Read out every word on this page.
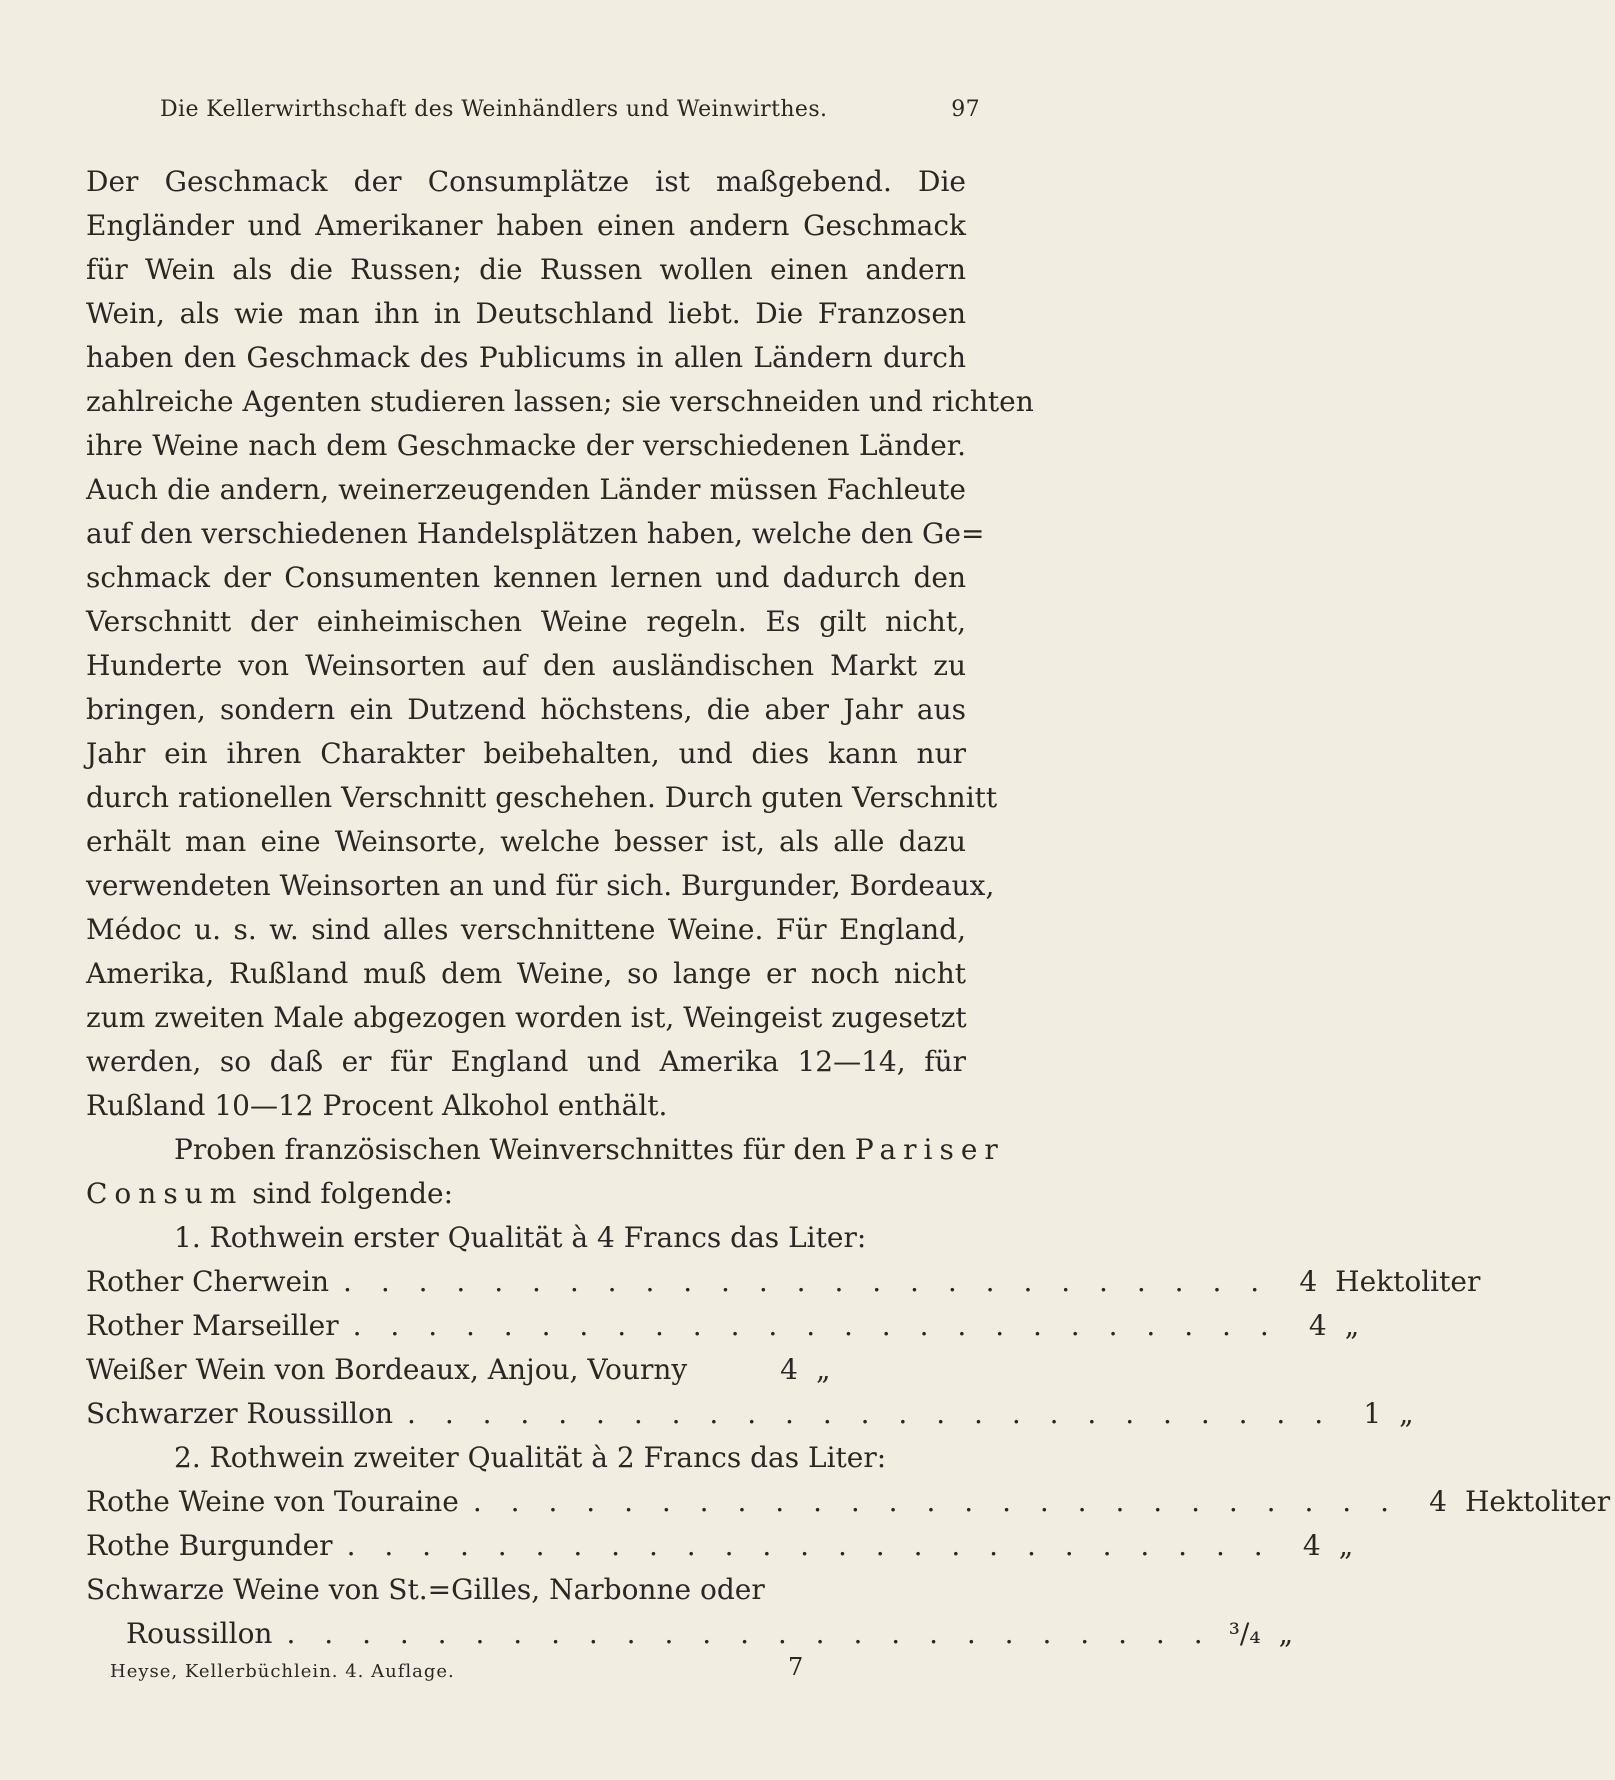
Die Kellerwirthschaft des Weinhändlers und Weinwirthes.	97
Der Geschmack der Consumplätze ist maßgebend. Die
Engländer und Amerikaner haben einen andern Geschmack
für Wein als die Russen; die Russen wollen einen andern
Wein, als wie man ihn in Deutschland liebt. Die Franzosen
haben den Geschmack des Publicums in allen Ländern durch
zahlreiche Agenten studieren lassen; sie verschneiden und richten
ihre Weine nach dem Geschmacke der verschiedenen Länder.
Auch die andern, weinerzeugenden Länder müssen Fachleute
auf den verschiedenen Handelsplätzen haben, welche den Ge=
schmack der Consumenten kennen lernen und dadurch den
Verschnitt der einheimischen Weine regeln. Es gilt nicht,
Hunderte von Weinsorten auf den ausländischen Markt zu
bringen, sondern ein Dutzend höchstens, die aber Jahr aus
Jahr ein ihren Charakter beibehalten, und dies kann nur
durch rationellen Verschnitt geschehen. Durch guten Verschnitt
erhält man eine Weinsorte, welche besser ist, als alle dazu
verwendeten Weinsorten an und für sich. Burgunder, Bordeaux,
Médoc u. s. w. sind alles verschnittene Weine. Für England,
Amerika, Rußland muß dem Weine, so lange er noch nicht
zum zweiten Male abgezogen worden ist, Weingeist zugesetzt
werden, so daß er für England und Amerika 12—14, für
Rußland 10—12 Procent Alkohol enthält.
Proben französischen Weinverschnittes für den Pariser
Consum sind folgende:
1. Rothwein erster Qualität à 4 Francs das Liter:
Rother Cherwein . . . . . . . . . . . . . . . . . . . . . . . . .	4 Hektoliter
Rother Marseiller . . . . . . . . . . . . . . . . . . . . . . . . .	4 „
Weißer Wein von Bordeaux, Anjou, Vourny	4 „
Schwarzer Roussillon . . . . . . . . . . . . . . . . . . . . . . . . .	1 „
2. Rothwein zweiter Qualität à 2 Francs das Liter:
Rothe Weine von Touraine . . . . . . . . . . . . . . . . . . . . . . . . .	4 Hektoliter
Rothe Burgunder . . . . . . . . . . . . . . . . . . . . . . . . .	4 „
Schwarze Weine von St.=Gilles, Narbonne oder
Roussillon . . . . . . . . . . . . . . . . . . . . . . . . . ³/₄ „
Heyse, Kellerbüchlein. 4. Auflage.	7
